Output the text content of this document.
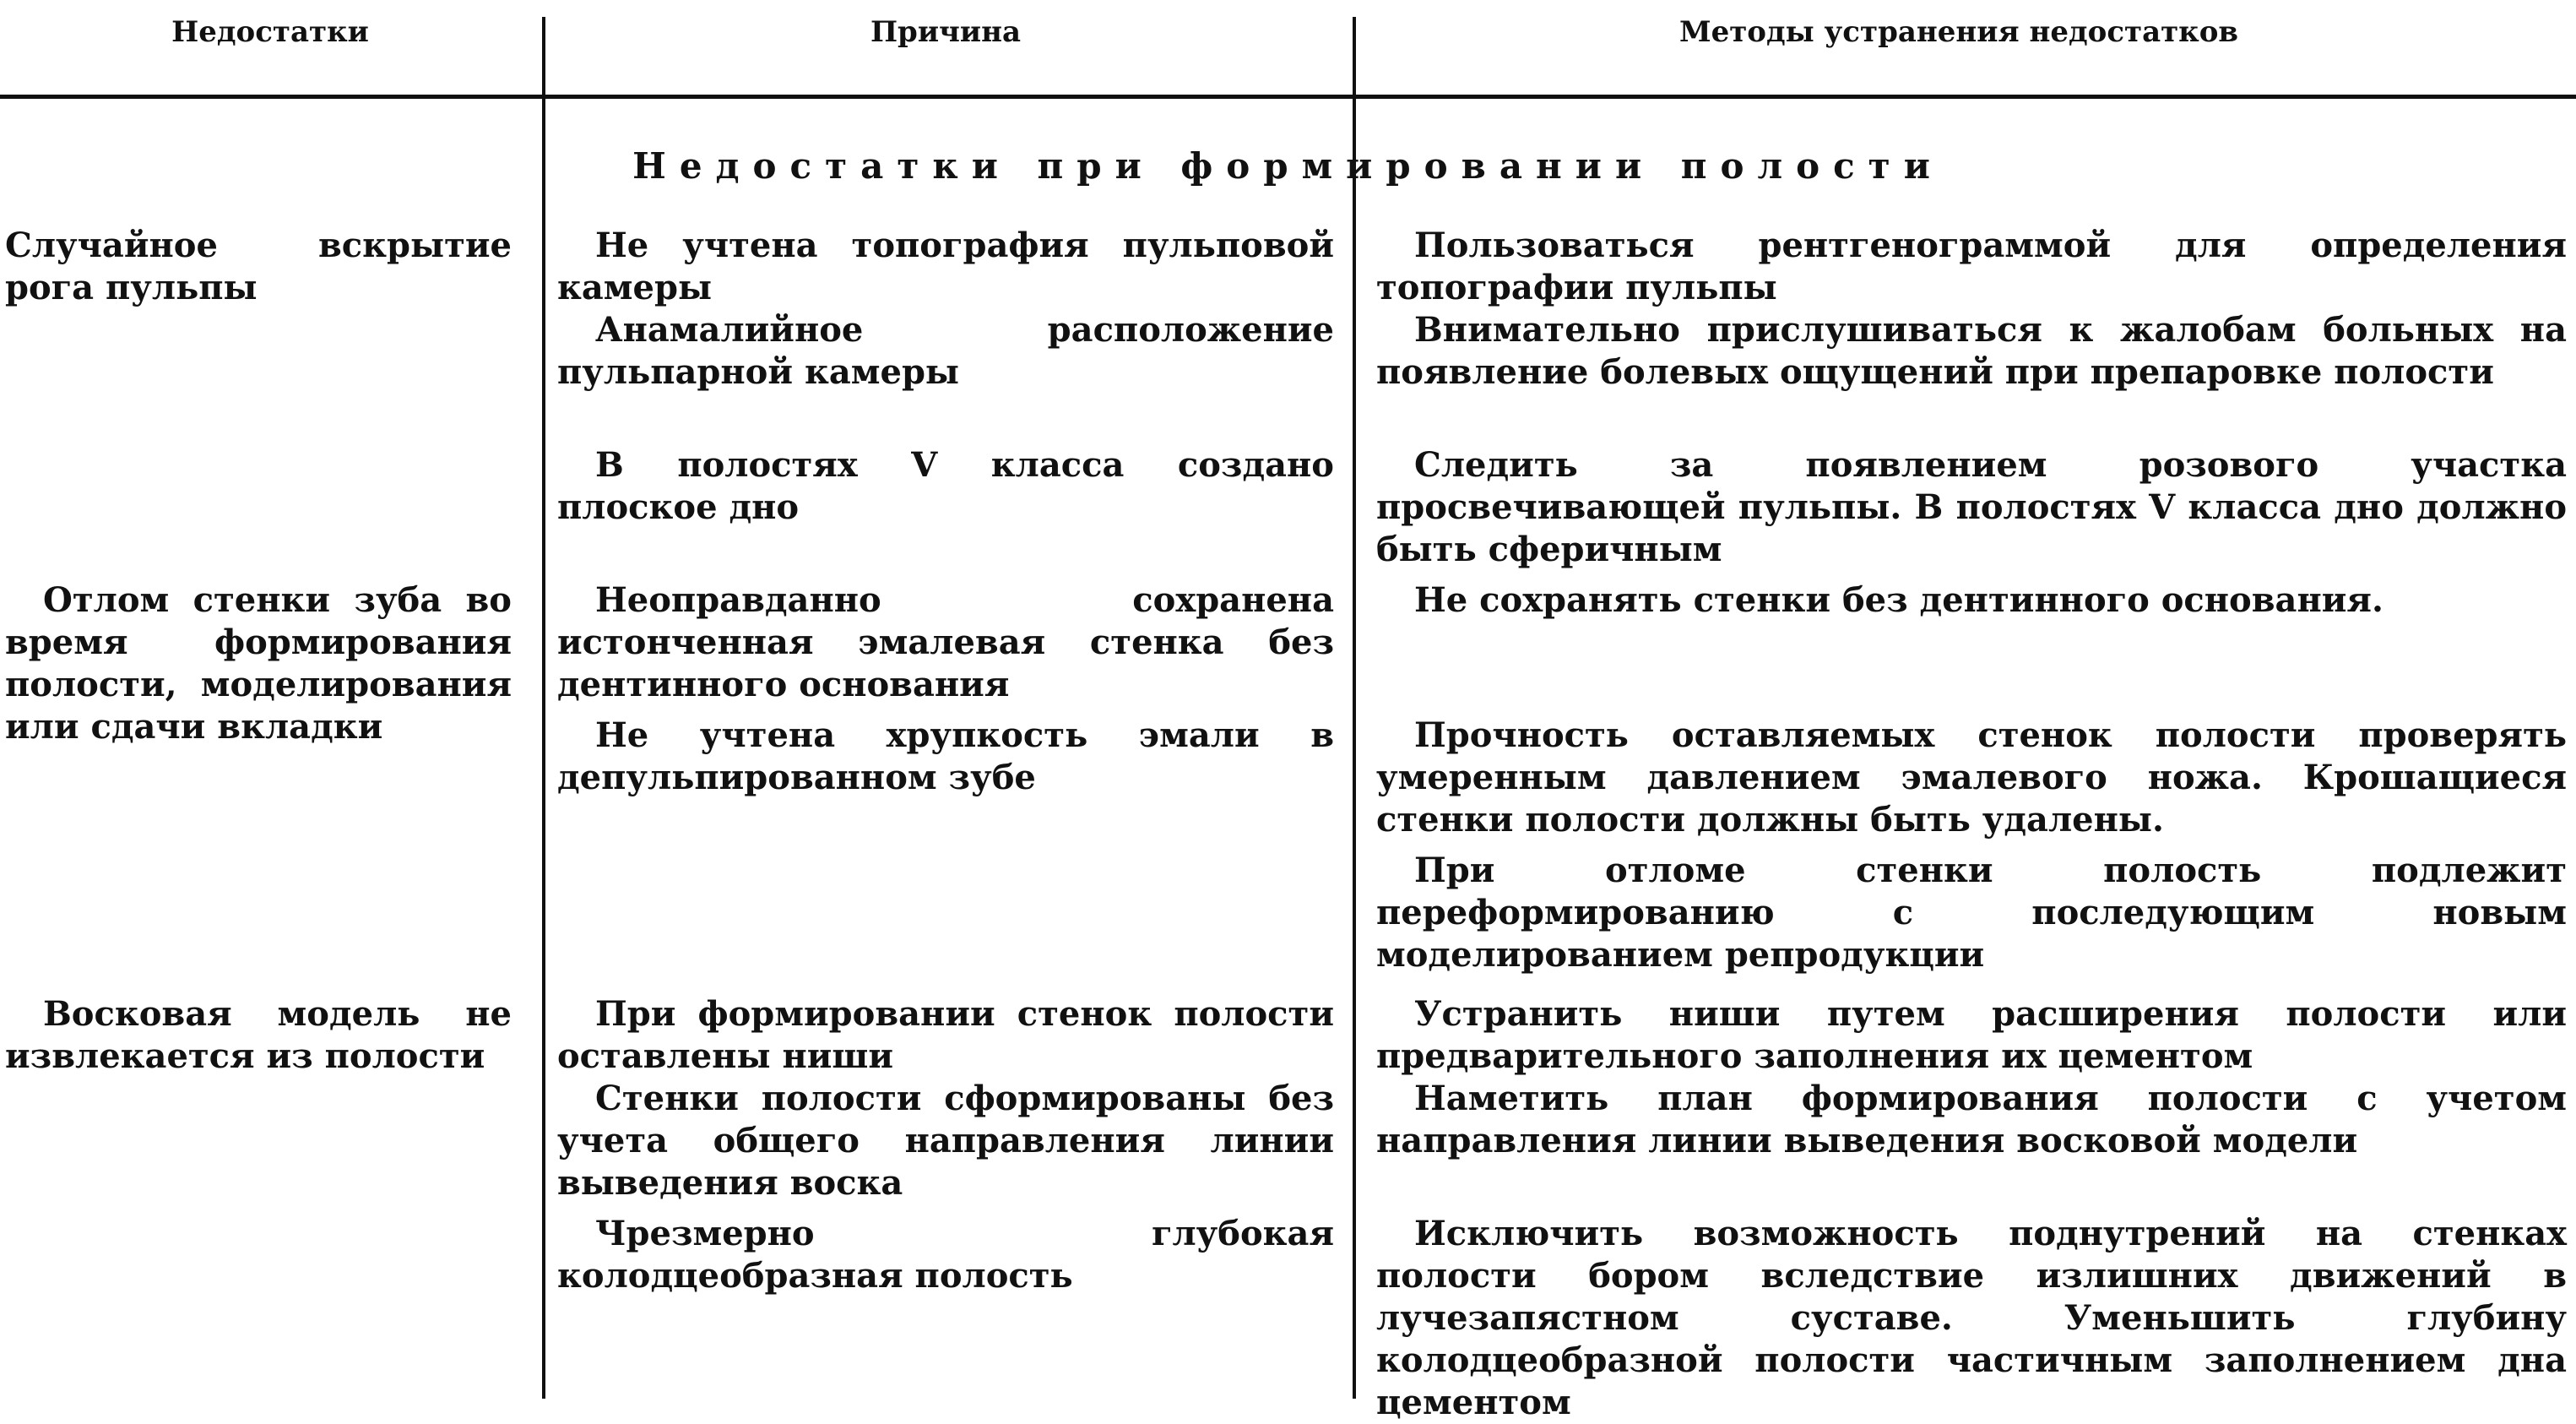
Недостатки	Причина	Методы устранения недостатков
Недостатки при формировании полости

Случайное вскрытие рога пульпы

Не учтена топография пульповой камеры

Анамалийное расположение пульпарной камеры

В полостях V класса создано плоское дно

Пользоваться рентгенограммой для определения топографии пульпы

Внимательно прислушиваться к жалобам больных на появление болевых ощущений при препаровке полости

Следить за появлением розового участка просвечивающей пульпы. В полостях V класса дно должно быть сферичным

Отлом стенки зуба во время формирования полости, моделирования или сдачи вкладки

Неоправданно сохранена истонченная эмалевая стенка без дентинного основания

Не учтена хрупкость эмали в депульпированном зубе

Не сохранять стенки без дентинного основания.

Прочность оставляемых стенок полости проверять умеренным давлением эмалевого ножа. Крошащиеся стенки полости должны быть удалены.

При отломе стенки полость подлежит переформированию с последующим новым моделированием репродукции

Восковая модель не извлекается из полости

При формировании стенок полости оставлены ниши

Стенки полости сформированы без учета общего направления линии выведения воска

Чрезмерно глубокая колодцеобразная полость

Устранить ниши путем расширения полости или предварительного заполнения их цементом

Наметить план формирования полости с учетом направления линии выведения восковой модели

Исключить возможность поднутрений на стенках полости бором вследствие излишних движений в лучезапястном суставе. Уменьшить глубину колодцеобразной полости частичным заполнением дна цементом
